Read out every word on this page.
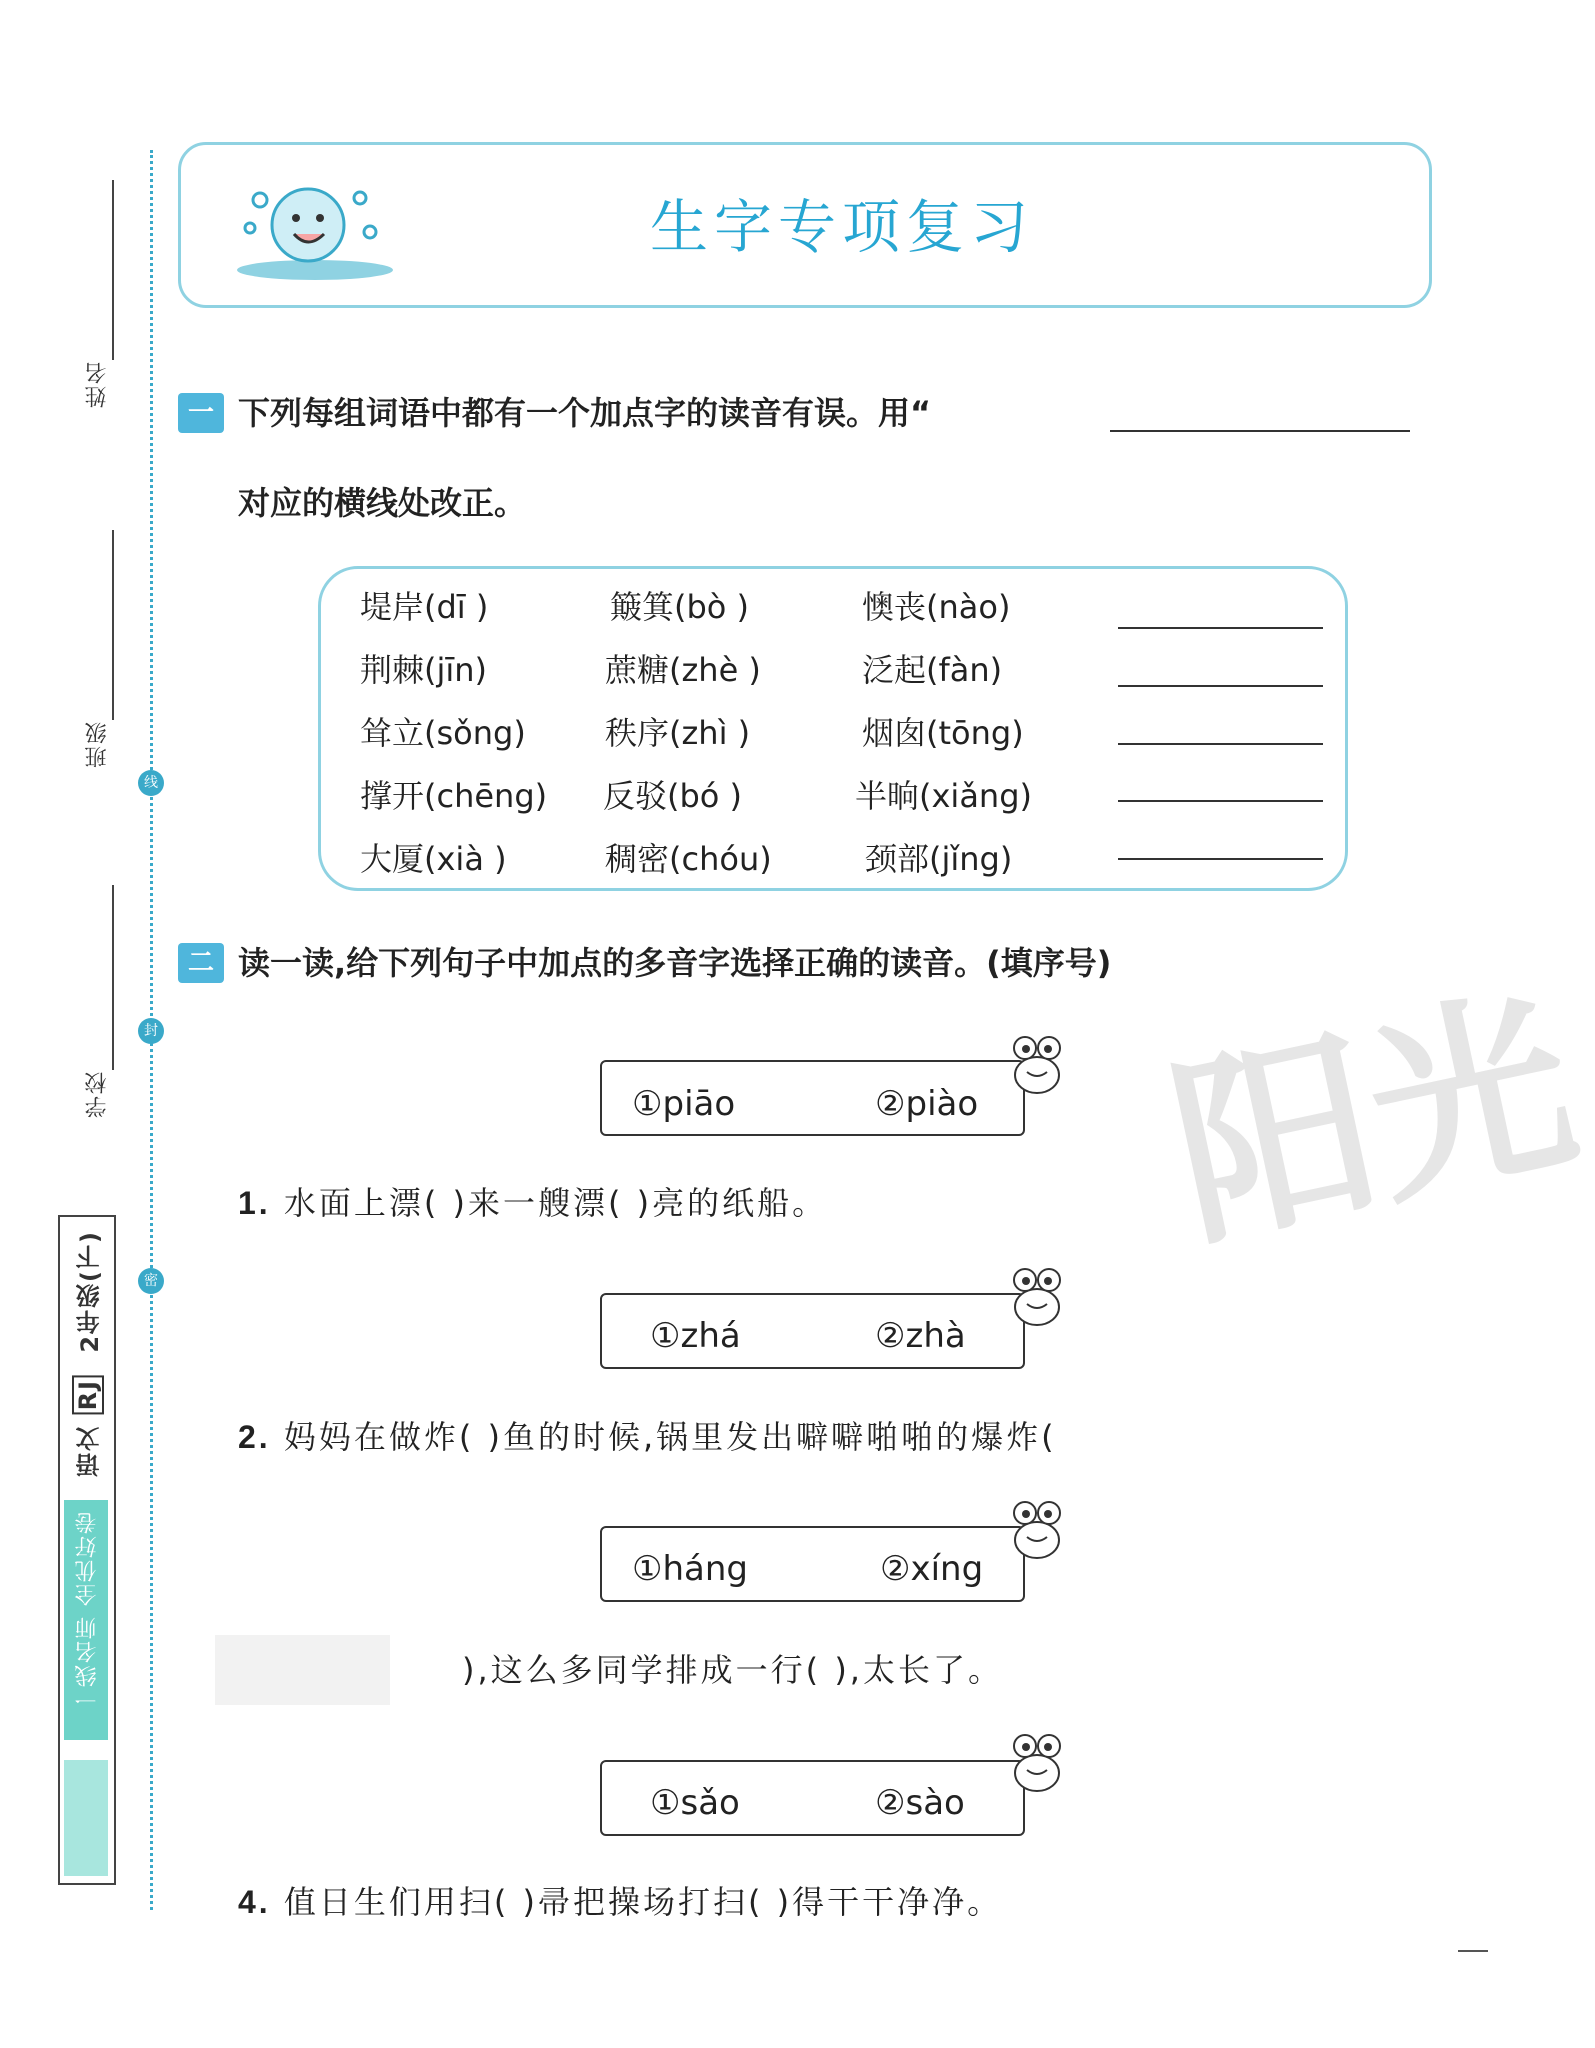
阳光
姓名
班级
学校
线
封
密
2年级(下)
RJ
语文
一线名师 全优好卷
生字专项复习
一 下列每组词语中都有一个加点字的读音有误。用“
对应的横线处改正。
堤岸(dī )	簸箕(bò )	懊丧(nào)
荆棘(jīn)	蔗糖(zhè )	泛起(fàn)
耸立(sǒng) 秩序(zhì )	烟囱(tōng)
撑开(chēng) 反驳(bó )	半晌(xiǎng)
大厦(xià )	稠密(chóu)	颈部(jǐng)
二 读一读,给下列句子中加点的多音字选择正确的读音。(填序号)
①piāo	②piào
1. 水面上漂( )来一艘漂( )亮的纸船。
①zhá	②zhà
2. 妈妈在做炸( )鱼的时候,锅里发出噼噼啪啪的爆炸(
①háng	②xíng
),这么多同学排成一行( ),太长了。
①sǎo	②sào
4. 值日生们用扫( )帚把操场打扫( )得干干净净。
